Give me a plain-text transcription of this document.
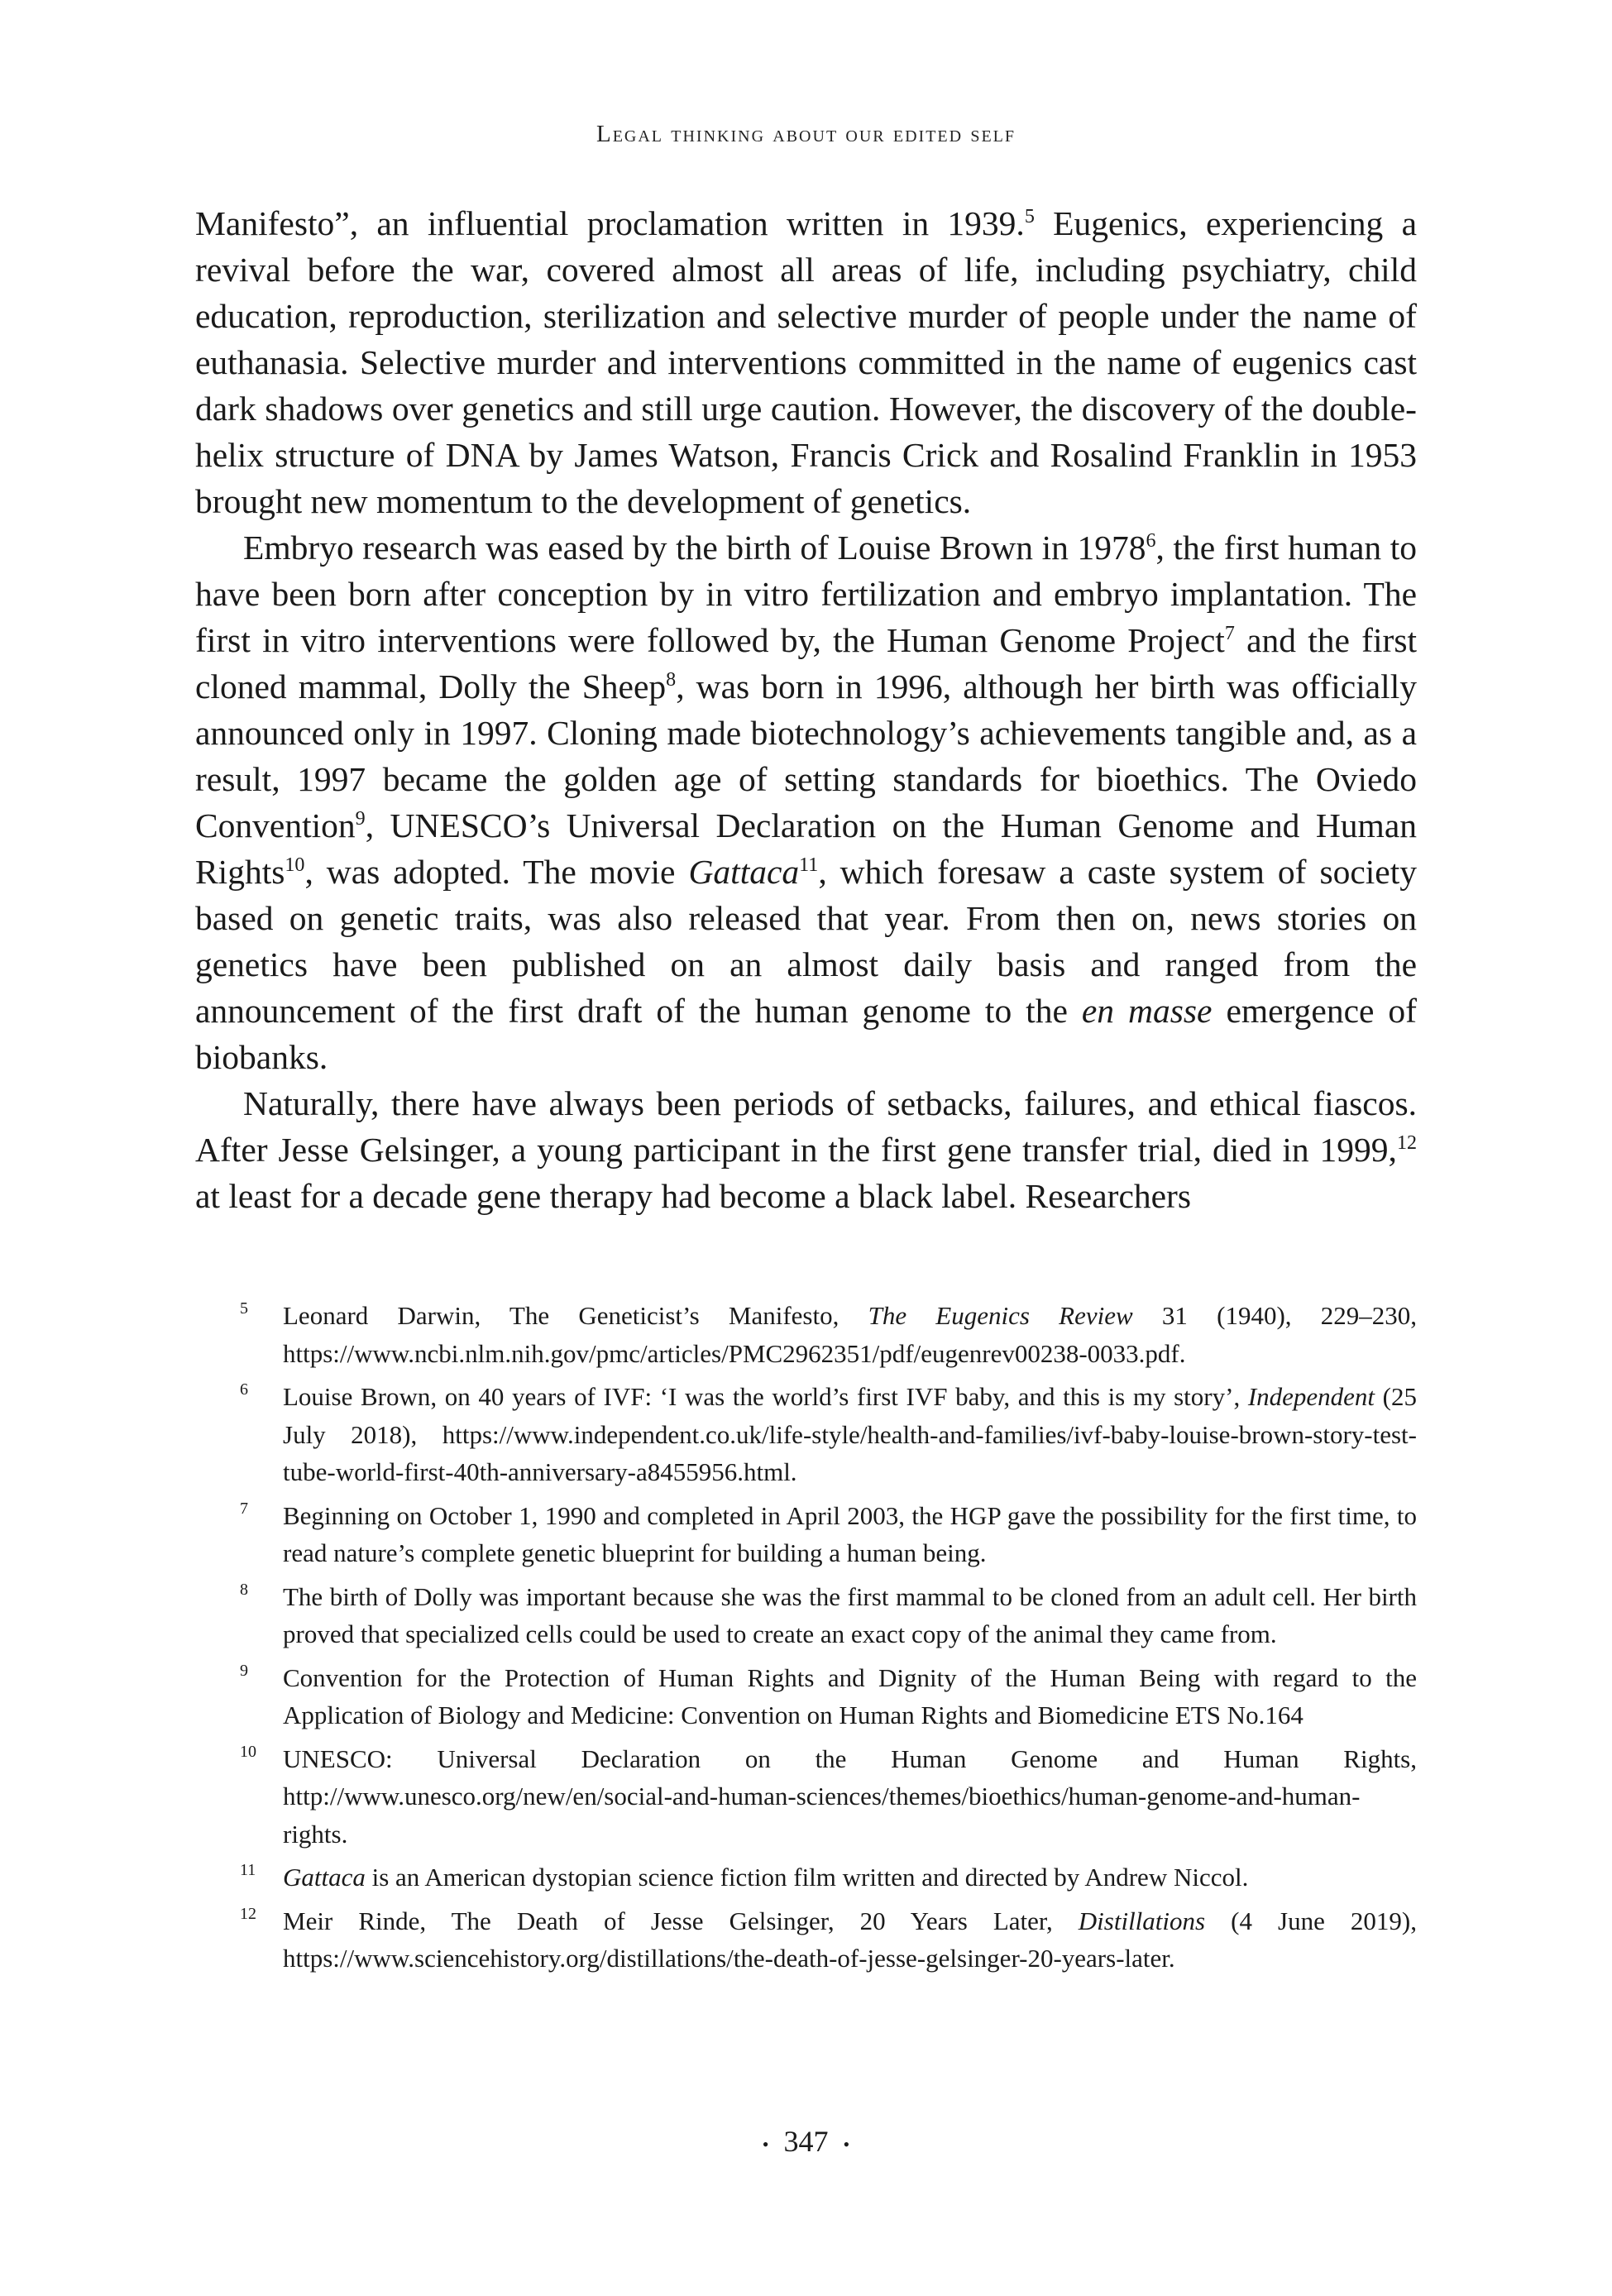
Legal thinking about our edited self

Manifesto”, an influential proclamation written in 1939.$^5$ Eugenics, experiencing a revival before the war, covered almost all areas of life, including psychiatry, child education, reproduction, sterilization and selective murder of people under the name of euthanasia. Selective murder and interventions committed in the name of eugenics cast dark shadows over genetics and still urge caution. However, the discovery of the double-helix structure of DNA by James Watson, Francis Crick and Rosalind Franklin in 1953 brought new momentum to the development of genetics.

Embryo research was eased by the birth of Louise Brown in 1978$^6$, the first human to have been born after conception by in vitro fertilization and embryo implantation. The first in vitro interventions were followed by, the Human Genome Project$^7$ and the first cloned mammal, Dolly the Sheep$^8$, was born in 1996, although her birth was officially announced only in 1997. Cloning made biotechnology’s achievements tangible and, as a result, 1997 became the golden age of setting standards for bioethics. The Oviedo Convention$^9$, UNESCO’s Universal Declaration on the Human Genome and Human Rights$^{10}$, was adopted. The movie Gattaca$^{11}$, which foresaw a caste system of society based on genetic traits, was also released that year. From then on, news stories on genetics have been published on an almost daily basis and ranged from the announcement of the first draft of the human genome to the en masse emergence of biobanks.

Naturally, there have always been periods of setbacks, failures, and ethical fiascos. After Jesse Gelsinger, a young participant in the first gene transfer trial, died in 1999,12 at least for a decade gene therapy had become a black label. Researchers

5	Leonard Darwin, The Geneticist’s Manifesto, The Eugenics Review 31 (1940), 229–230, https://www.ncbi.nlm.nih.gov/pmc/articles/PMC2962351/pdf/eugenrev00238-0033.pdf.
6	Louise Brown, on 40 years of IVF: ‘I was the world’s first IVF baby, and this is my story’, Independent (25 July 2018), https://www.independent.co.uk/life-style/health-and-families/ivf-baby-louise-brown-story-test-tube-world-first-40th-anniversary-a8455956.html.
7	Beginning on October 1, 1990 and completed in April 2003, the HGP gave the possibility for the first time, to read nature’s complete genetic blueprint for building a human being.
8	The birth of Dolly was important because she was the first mammal to be cloned from an adult cell. Her birth proved that specialized cells could be used to create an exact copy of the animal they came from.
9	Convention for the Protection of Human Rights and Dignity of the Human Being with regard to the Application of Biology and Medicine: Convention on Human Rights and Biomedicine ETS No.164
10	UNESCO: Universal Declaration on the Human Genome and Human Rights, http://www.unesco.org/new/en/social-and-human-sciences/themes/bioethics/human-genome-and-human-rights.
11	Gattaca is an American dystopian science fiction film written and directed by Andrew Niccol.
12	Meir Rinde, The Death of Jesse Gelsinger, 20 Years Later, Distillations (4 June 2019), https://www.sciencehistory.org/distillations/the-death-of-jesse-gelsinger-20-years-later.
• 347 •
